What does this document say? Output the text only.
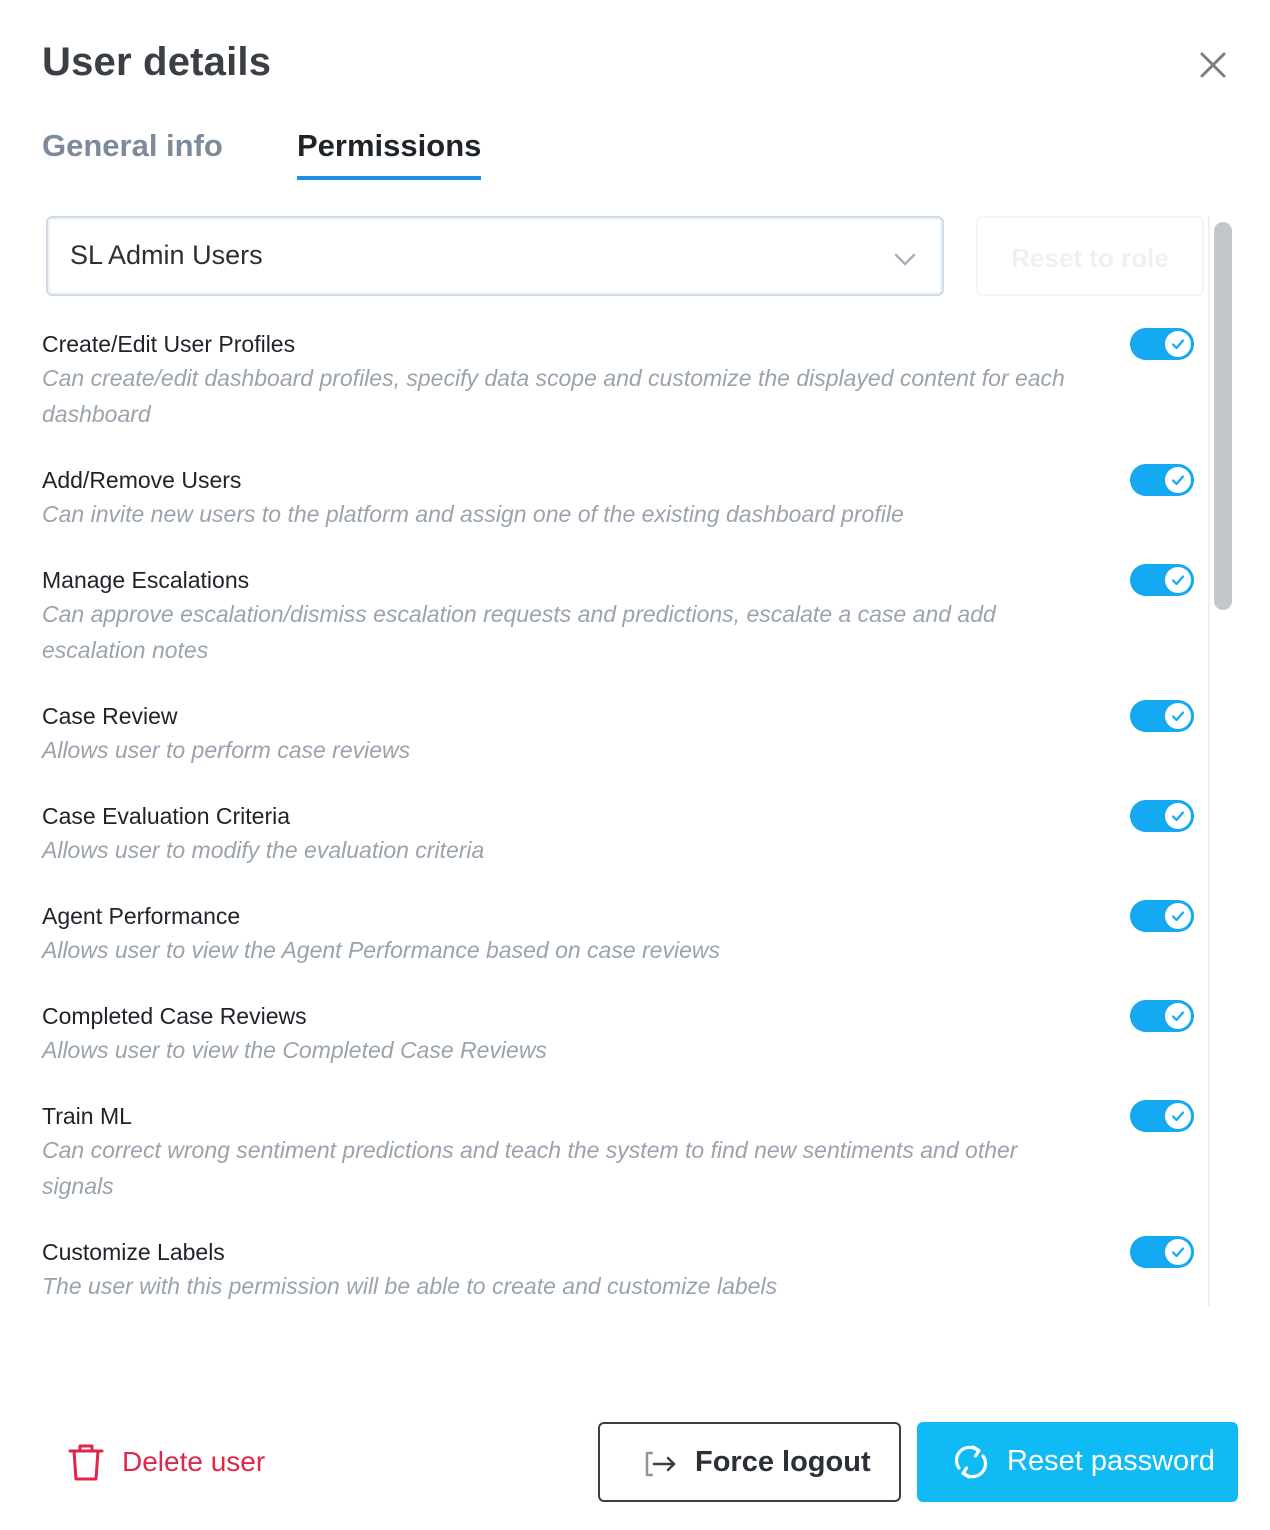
User details
General info Permissions
SL Admin Users	Reset to role
Create/Edit User Profiles
Can create/edit dashboard profiles, specify data scope and customize the displayed content for each dashboard
Add/Remove Users
Can invite new users to the platform and assign one of the existing dashboard profile
Manage Escalations
Can approve escalation/dismiss escalation requests and predictions, escalate a case and add escalation notes
Case Review
Allows user to perform case reviews
Case Evaluation Criteria
Allows user to modify the evaluation criteria
Agent Performance
Allows user to view the Agent Performance based on case reviews
Completed Case Reviews
Allows user to view the Completed Case Reviews
Train ML
Can correct wrong sentiment predictions and teach the system to find new sentiments and other signals
Customize Labels
The user with this permission will be able to create and customize labels
Delete user	Force logout	Reset password
